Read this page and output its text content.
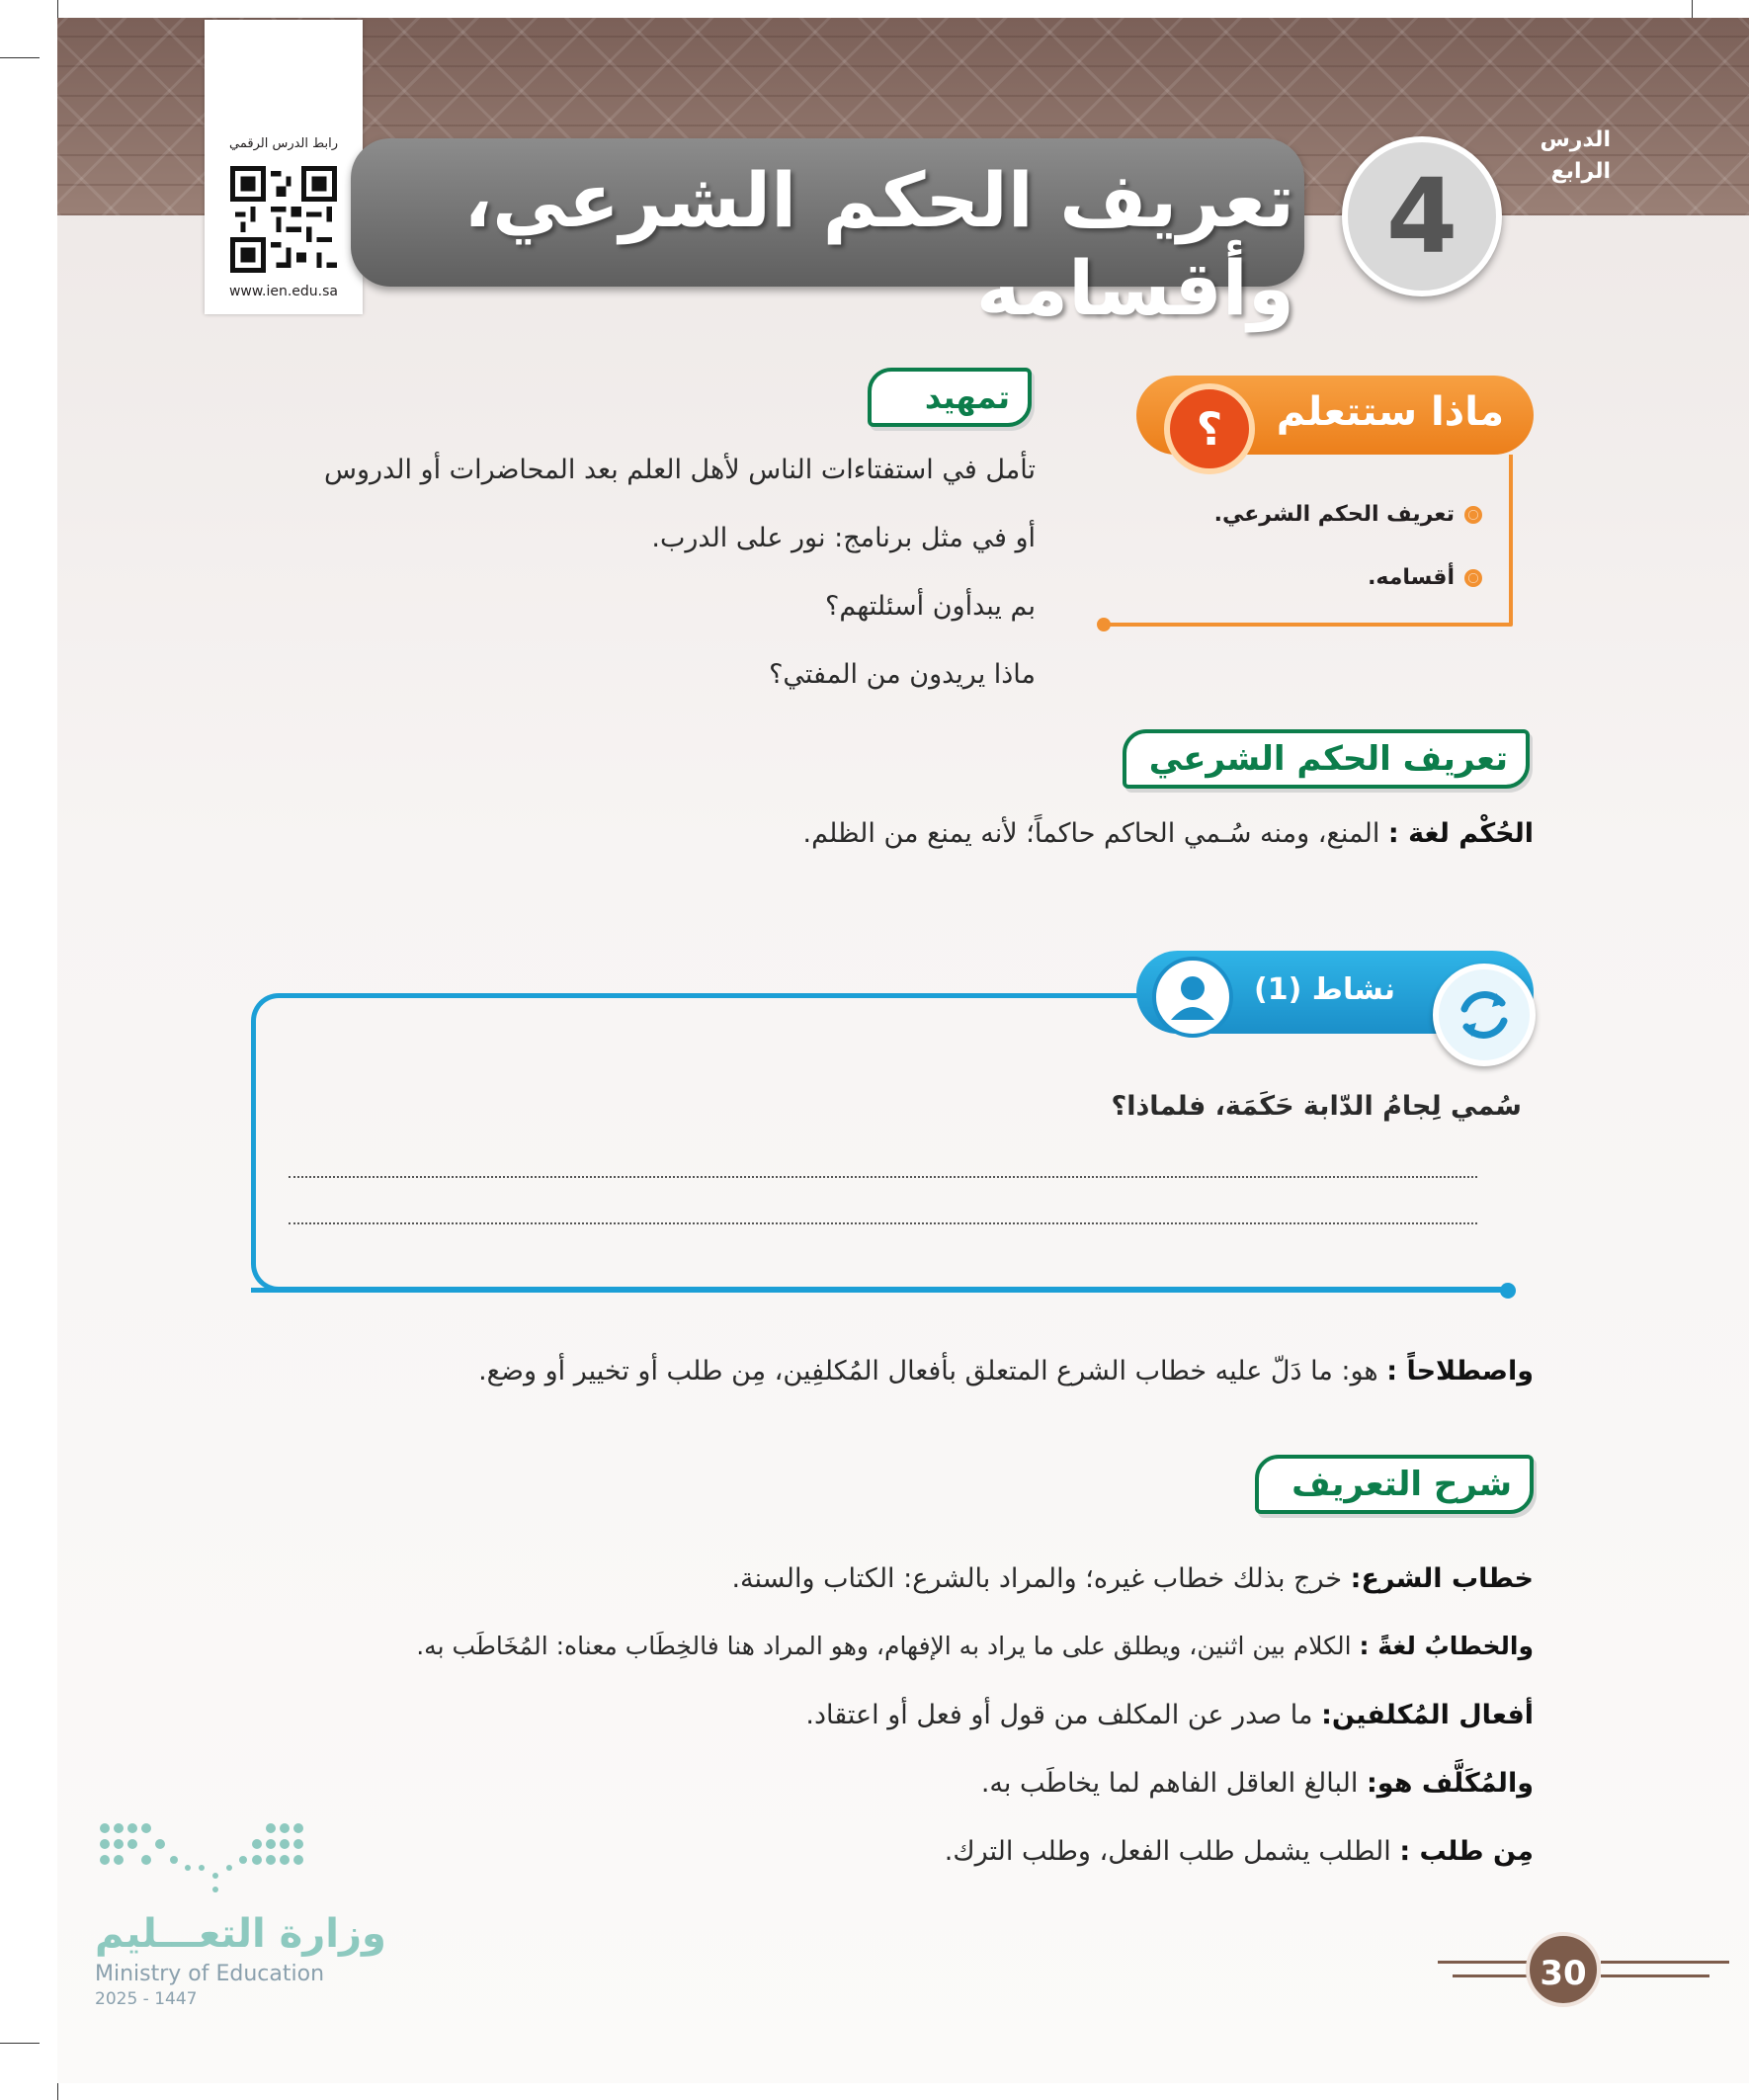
رابط الدرس الرقمي
www.ien.edu.sa
تعريف الحكم الشرعي، وأقسامه
4
الدرس
الرابع
ماذا ستتعلم
؟
تعريف الحكم الشرعي.
أقسامه.
تمهيد
تأمل في استفتاءات الناس لأهل العلم بعد المحاضرات أو الدروس
أو في مثل برنامج: نور على الدرب.
بم يبدأون أسئلتهم؟
ماذا يريدون من المفتي؟
تعريف الحكم الشرعي
الحُكْم لغة : المنع، ومنه سُـمي الحاكم حاكماً؛ لأنه يمنع من الظلم.
نشاط (1)
سُمي لِجامُ الدّابة حَكَمَة، فلماذا؟
واصطلاحاً : هو: ما دَلّ عليه خطاب الشرع المتعلق بأفعال المُكلفِين، مِن طلب أو تخيير أو وضع.
شرح التعريف
خطاب الشرع: خرج بذلك خطاب غيره؛ والمراد بالشرع: الكتاب والسنة.
والخطابُ لغةً : الكلام بين اثنين، ويطلق على ما يراد به الإفهام، وهو المراد هنا فالخِطَاب معناه: المُخَاطَب به.
أفعال المُكلفين: ما صدر عن المكلف من قول أو فعل أو اعتقاد.
والمُكَلَّف هو: البالغ العاقل الفاهم لما يخاطَب به.
مِن طلب : الطلب يشمل طلب الفعل، وطلب الترك.
وزارة التعـــليم
Ministry of Education
2025 - 1447
30
